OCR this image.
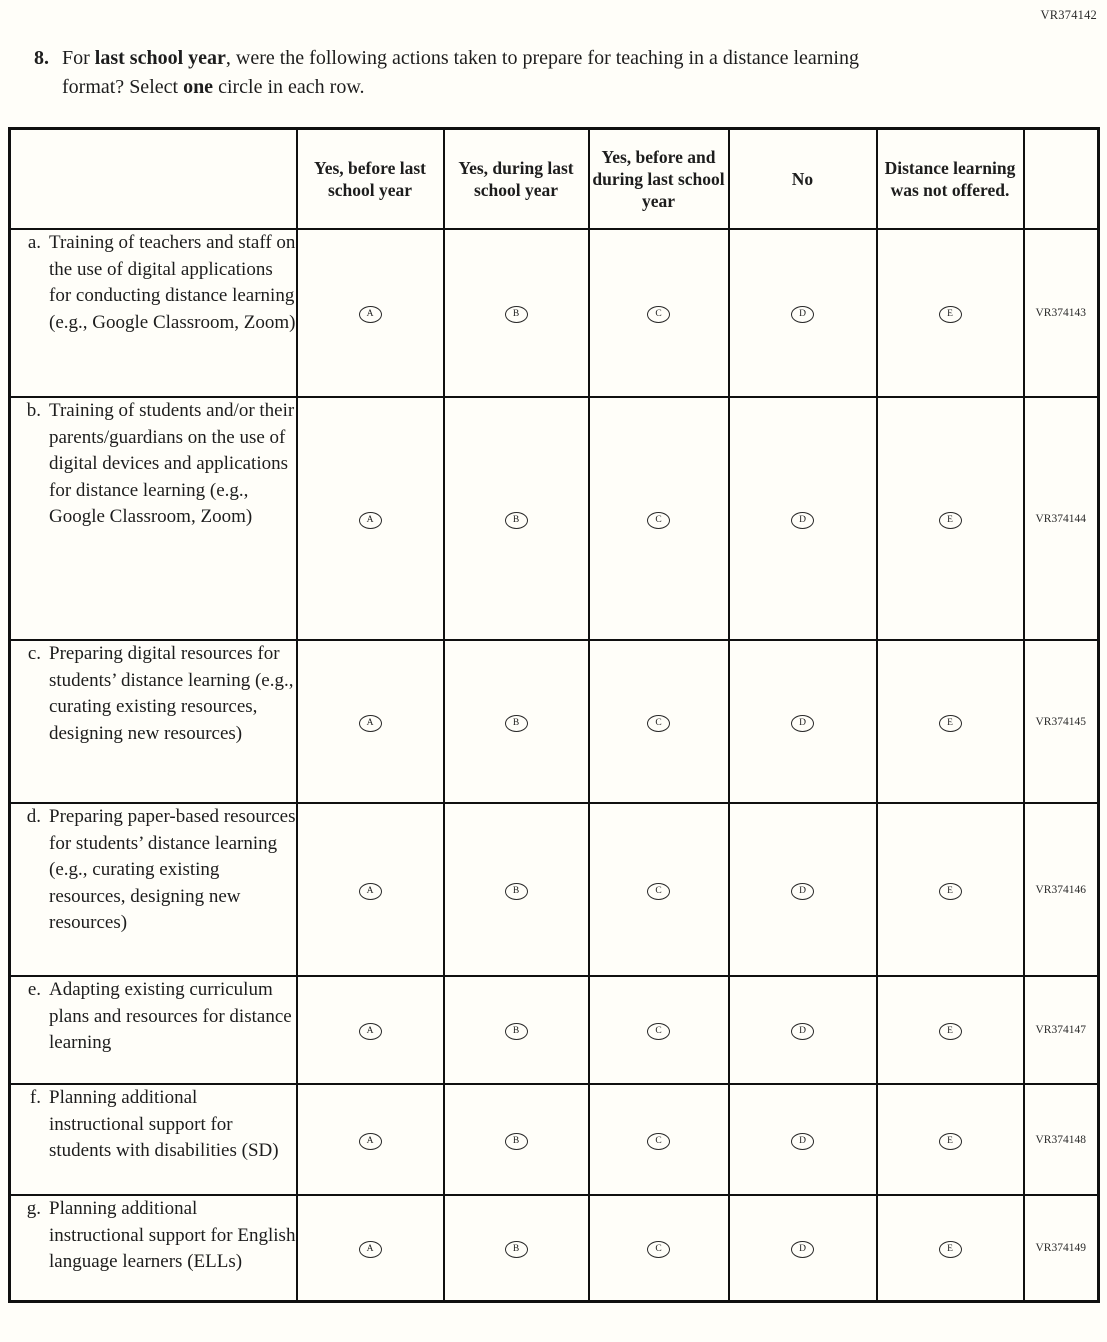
VR374142
8. For last school year, were the following actions taken to prepare for teaching in a distance learning format? Select one circle in each row.
	Yes, before last school year	Yes, during last school year	Yes, before and during last school year	No	Distance learning was not offered.	

a. Training of teachers and staff on the use of digital applications for conducting distance learning (e.g., Google Classroom, Zoom)	A	B	C	D	E	VR374143

b. Training of students and/or their parents/guardians on the use of digital devices and applications for distance learning (e.g., Google Classroom, Zoom)	A	B	C	D	E	VR374144

c. Preparing digital resources for students’ distance learning (e.g., curating existing resources, designing new resources)	A	B	C	D	E	VR374145

d. Preparing paper-based resources for students’ distance learning (e.g., curating existing resources, designing new resources)	A	B	C	D	E	VR374146

e. Adapting existing curriculum plans and resources for distance learning	A	B	C	D	E	VR374147

f. Planning additional instructional support for students with disabilities (SD)	A	B	C	D	E	VR374148

g. Planning additional instructional support for English language learners (ELLs)	A	B	C	D	E	VR374149
